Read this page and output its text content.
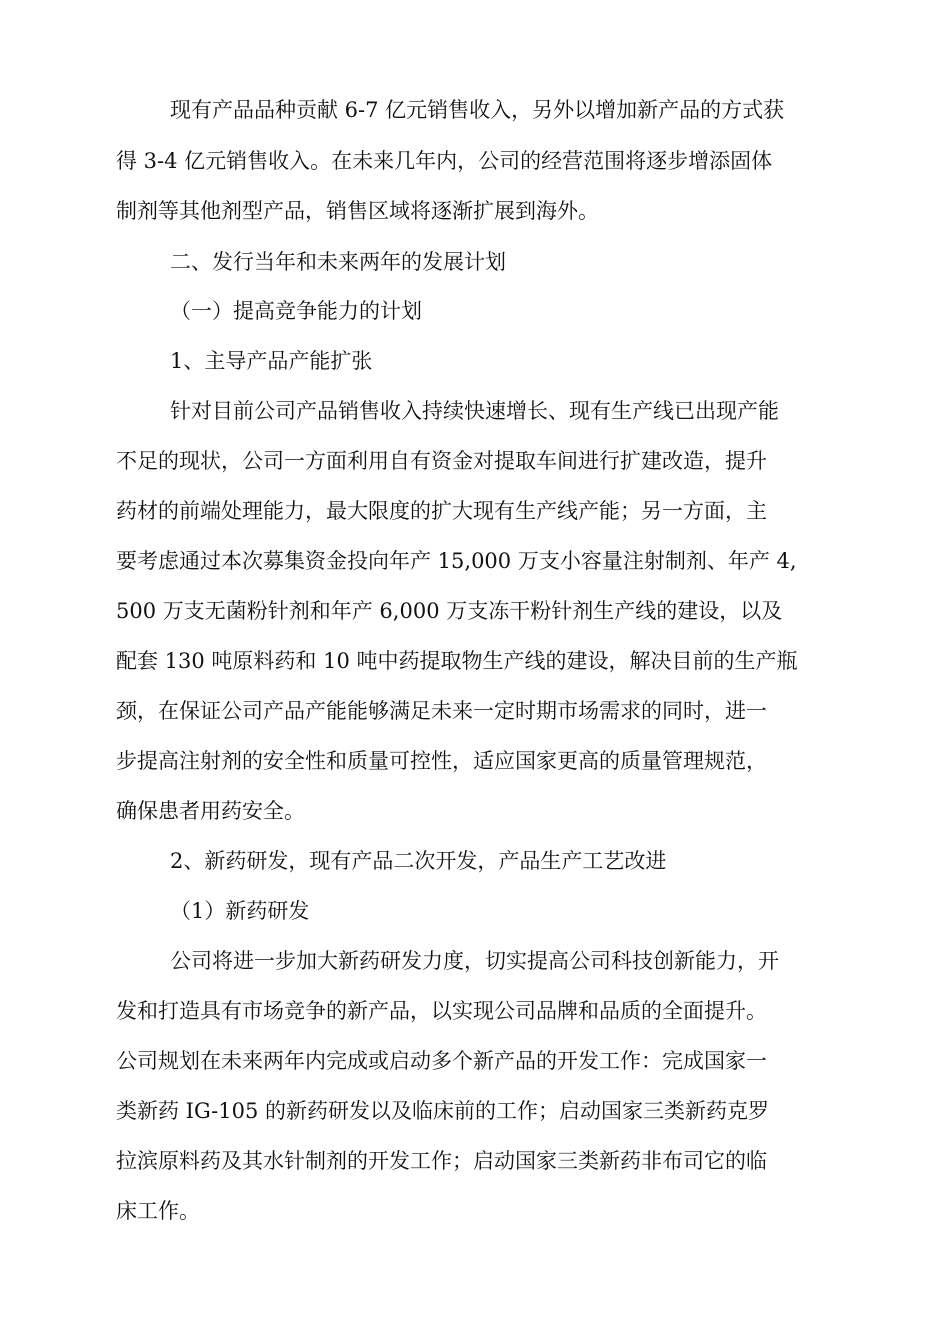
现有产品品种贡献 6-7 亿元销售收入，另外以增加新产品的方式获
得 3-4 亿元销售收入。在未来几年内，公司的经营范围将逐步增添固体
制剂等其他剂型产品，销售区域将逐渐扩展到海外。
二、发行当年和未来两年的发展计划
（一）提高竞争能力的计划
1、主导产品产能扩张
针对目前公司产品销售收入持续快速增长、现有生产线已出现产能
不足的现状，公司一方面利用自有资金对提取车间进行扩建改造，提升
药材的前端处理能力，最大限度的扩大现有生产线产能；另一方面，主
要考虑通过本次募集资金投向年产 15,000 万支小容量注射制剂、年产 4,
500 万支无菌粉针剂和年产 6,000 万支冻干粉针剂生产线的建设，以及
配套 130 吨原料药和 10 吨中药提取物生产线的建设，解决目前的生产瓶
颈，在保证公司产品产能能够满足未来一定时期市场需求的同时，进一
步提高注射剂的安全性和质量可控性，适应国家更高的质量管理规范，
确保患者用药安全。
2、新药研发，现有产品二次开发，产品生产工艺改进
（1）新药研发
公司将进一步加大新药研发力度，切实提高公司科技创新能力，开
发和打造具有市场竞争的新产品，以实现公司品牌和品质的全面提升。
公司规划在未来两年内完成或启动多个新产品的开发工作：完成国家一
类新药 IG-105 的新药研发以及临床前的工作；启动国家三类新药克罗
拉滨原料药及其水针制剂的开发工作；启动国家三类新药非布司它的临
床工作。
